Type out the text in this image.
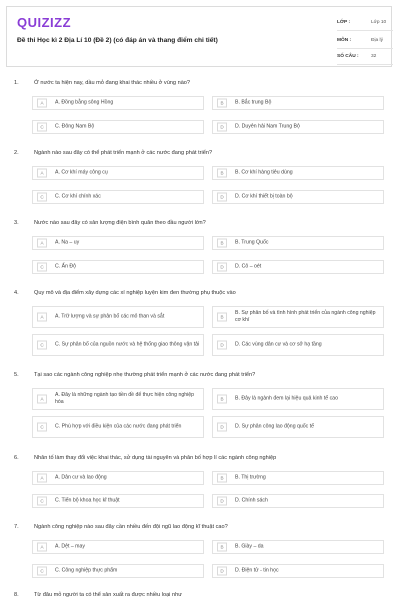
QUIZIZZ
Đề thi Học kì 2 Địa Lí 10 (Đề 2) (có đáp án và thang điểm chi tiết)
LỚP :	Lớp 10
MÔN :	Địa lý
SỐ CÂU :	32
1.	Ở nước ta hiện nay, dầu mỏ đang khai thác nhiều ở vùng nào?
A	A. Đồng bằng sông Hồng	B	B. Bắc trung Bộ
C	C. Đông Nam Bộ	D	D. Duyên hải Nam Trung Bộ
2.	Ngành nào sau đây có thể phát triển mạnh ở các nước đang phát triển?
A	A. Cơ khí máy công cụ	B	B. Cơ khí hàng tiêu dùng
C	C. Cơ khí chính xác	D	D. Cơ khí thiết bị toàn bộ
3.	Nước nào sau đây có sản lượng điện bình quân theo đầu người lớn?
A	A. Na – uy	B	B. Trung Quốc
C	C. Ấn Độ	D	D. Cô – oét
4.	Quy mô và địa điểm xây dựng các xí nghiệp luyện kim đen thường phụ thuộc vào
A	A. Trữ lượng và sự phân bố các mỏ than và sắt	B
B. Sự phân bố và tình hình phát triển của ngành công nghiệp cơ khí
C	C. Sự phân bố của nguồn nước và hệ thống giao thông vận tải	D	D. Các vùng dân cư và cơ sở hạ tầng
5.	Tại sao các ngành công nghiệp nhẹ thường phát triển mạnh ở các nước đang phát triển?
A
A. Đây là những ngành tạo tiền đề để thực hiện công nghiệp hóa	B	B. Đây là ngành đem lại hiệu quả kinh tế cao
C	C. Phù hợp với điều kiện của các nước đang phát triển	D	D. Sự phân công lao động quốc tế
6.	Nhân tố làm thay đổi việc khai thác, sử dụng tài nguyên và phân bố hợp lí các ngành công nghiệp
A	A. Dân cư và lao động	B	B. Thị trường
C	C. Tiến bộ khoa học kĩ thuật	D	D. Chính sách
7.	Ngành công nghiệp nào sau đây cần nhiều đến đội ngũ lao động kĩ thuật cao?
A	A. Dệt – may	B	B. Giày – da
C	C. Công nghiệp thực phẩm	D	D. Điện tử - tin học
8.	Từ đâu mỏ người ta có thể sản xuất ra được nhiều loại như
